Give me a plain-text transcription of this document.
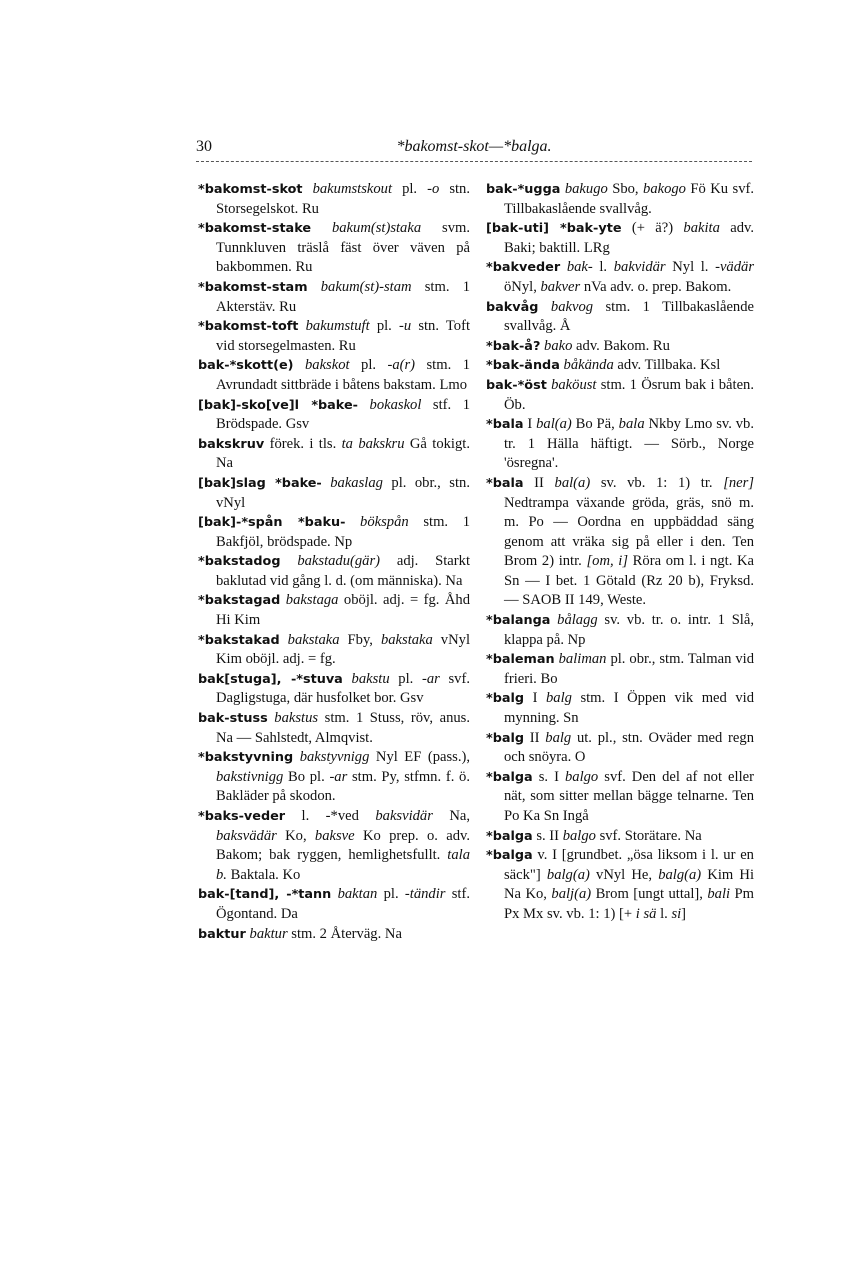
30	*bakomst-skot—*balga.

*bakomst-skot bakumstskout pl. -o stn. Storsegelskot. Ru

*bakomst-stake bakum(st)staka svm. Tunnkluven träslå fäst över väven på bakbommen. Ru

*bakomst-stam bakum(st)-stam stm. 1 Akterstäv. Ru

*bakomst-toft bakumstuft pl. -u stn. Toft vid storsegelmasten. Ru

bak-*skott(e) bakskot pl. -a(r) stm. 1 Avrundadt sittbräde i båtens bakstam. Lmo

[bak]-sko[ve]l *bake- bokaskol stf. 1 Brödspade. Gsv

bakskruv förek. i tls. ta bakskru Gå tokigt. Na

[bak]slag *bake- bakaslag pl. obr., stn. vNyl

[bak]-*spån *baku- bökspån stm. 1 Bakfjöl, brödspade. Np

*bakstadog bakstadu(gär) adj. Starkt baklutad vid gång l. d. (om människa). Na

*bakstagad bakstaga oböjl. adj. = fg. Åhd Hi Kim

*bakstakad bakstaka Fby, bakstaka vNyl Kim oböjl. adj. = fg.

bak[stuga], -*stuva bakstu pl. -ar svf. Dagligstuga, där husfolket bor. Gsv

bak-stuss bakstus stm. 1 Stuss, röv, anus. Na — Sahlstedt, Almqvist.

*bakstyvning bakstyvnigg Nyl EF (pass.), bakstivnigg Bo pl. -ar stm. Py, stfmn. f. ö. Bakläder på skodon.

*baks-veder l. -*ved baksvidär Na, baksvädär Ko, baksve Ko prep. o. adv. Bakom; bak ryggen, hemlighetsfullt. tala b. Baktala. Ko

bak-[tand], -*tann baktan pl. -tändir stf. Ögontand. Da

baktur baktur stm. 2 Återväg. Na

bak-*ugga bakugo Sbo, bakogo Fö Ku svf. Tillbakaslående svallvåg.

[bak-uti] *bak-yte (+ ä?) bakita adv. Baki; baktill. LRg

*bakveder bak- l. bakvidär Nyl l. -vädär öNyl, bakver nVa adv. o. prep. Bakom.

bakvåg bakvog stm. 1 Tillbakaslående svallvåg. Å

*bak-å? bako adv. Bakom. Ru

*bak-ända båkända adv. Tillbaka. Ksl

bak-*öst baköust stm. 1 Ösrum bak i båten. Öb.

*bala I bal(a) Bo Pä, bala Nkby Lmo sv. vb. tr. 1 Hälla häftigt. — Sörb., Norge 'ösregna'.

*bala II bal(a) sv. vb. 1: 1) tr. [ner] Nedtrampa växande gröda, gräs, snö m. m. Po — Oordna en uppbäddad säng genom att vräka sig på eller i den. Ten Brom 2) intr. [om, i] Röra om l. i ngt. Ka Sn — I bet. 1 Götald (Rz 20 b), Fryksd. — SAOB II 149, Weste.

*balanga bålagg sv. vb. tr. o. intr. 1 Slå, klappa på. Np

*baleman baliman pl. obr., stm. Talman vid frieri. Bo

*balg I balg stm. I Öppen vik med vid mynning. Sn

*balg II balg ut. pl., stn. Oväder med regn och snöyra. O

*balga s. I balgo svf. Den del af not eller nät, som sitter mellan bägge telnarne. Ten Po Ka Sn Ingå

*balga s. II balgo svf. Storätare. Na

*balga v. I [grundbet. „ösa liksom i l. ur en säck"] balg(a) vNyl He, balg(a) Kim Hi Na Ko, balj(a) Brom [ungt uttal], bali Pm Px Mx sv. vb. 1: 1) [+ i sä l. si]
